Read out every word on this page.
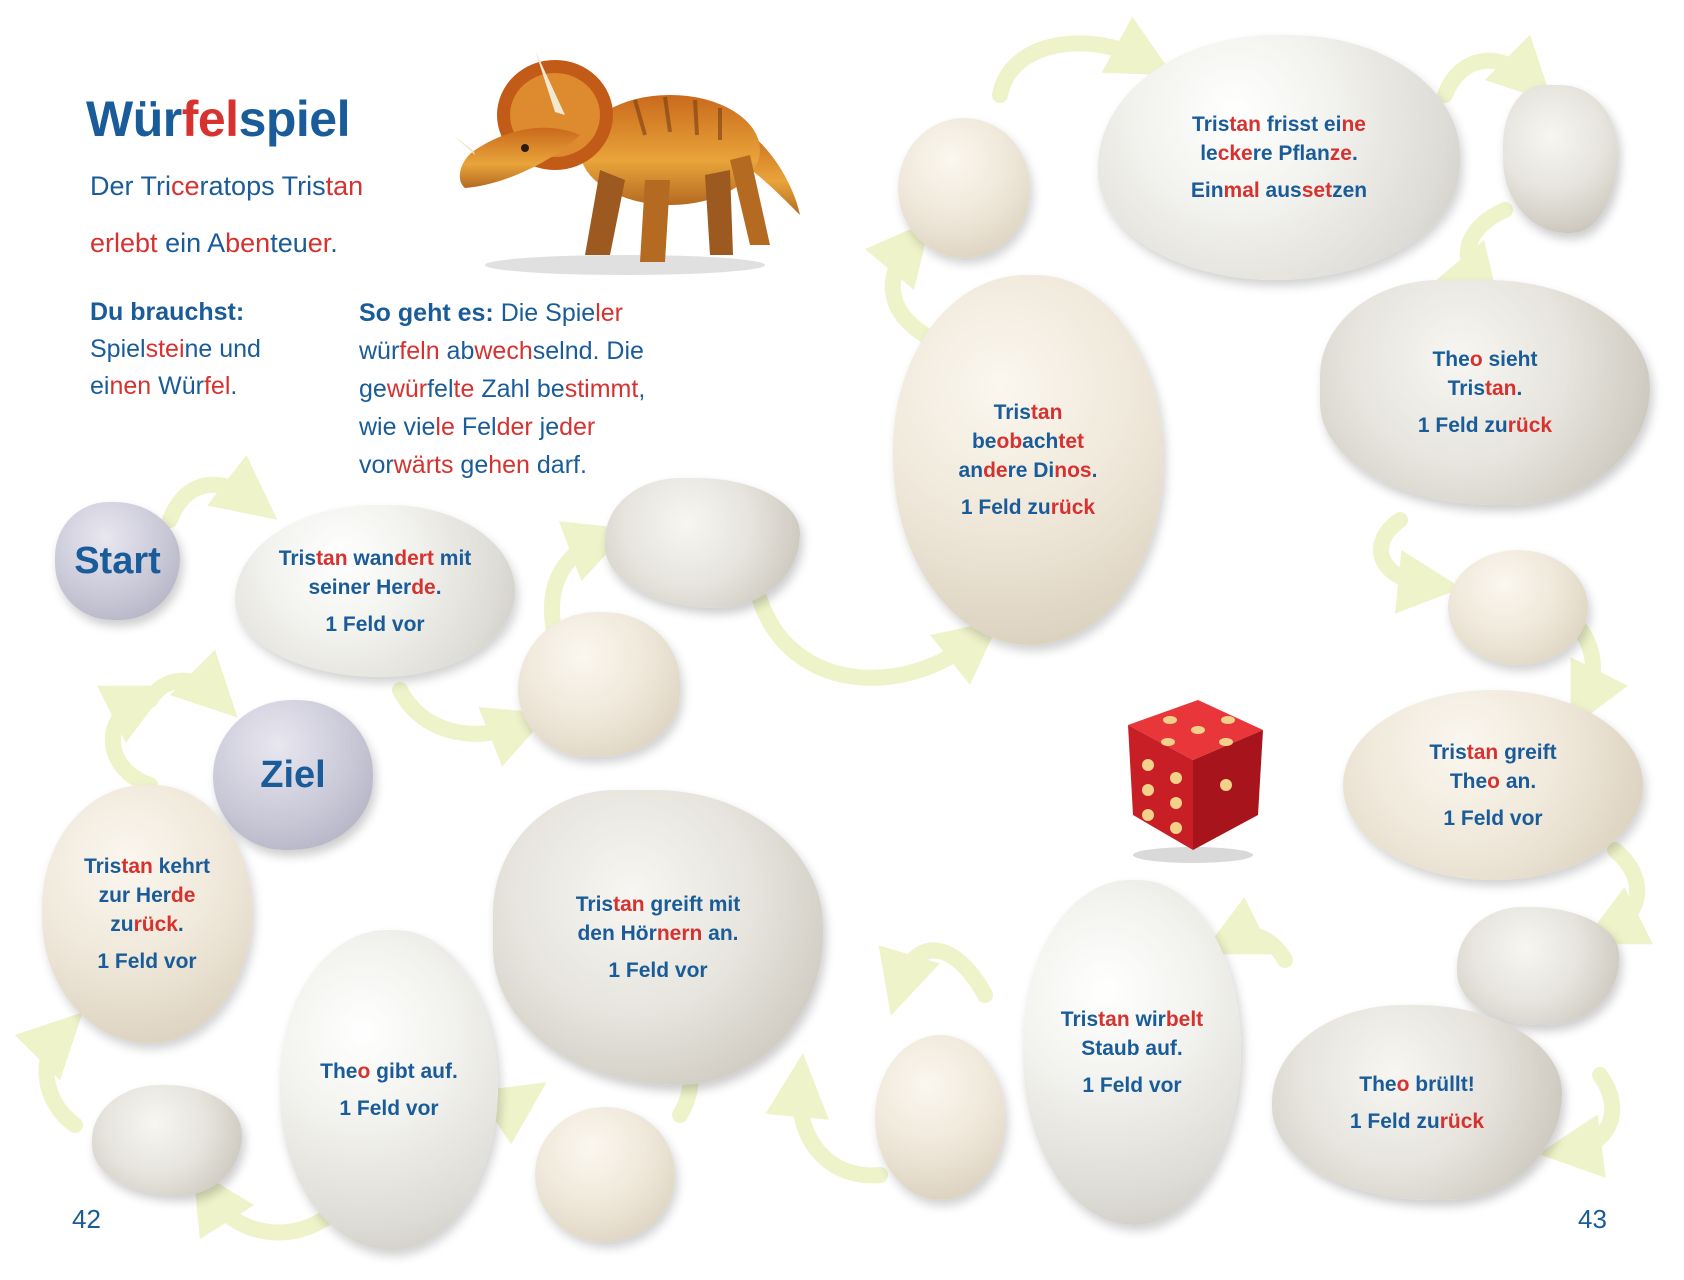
Würfelspiel
Der Triceratops Tristan
erlebt ein Abenteuer.
Du brauchst:
Spielsteine und
einen Würfel.
So geht es: Die Spieler
würfeln abwechselnd. Die
gewürfelte Zahl bestimmt,
wie viele Felder jeder
vorwärts gehen darf.
Start
Ziel
Tristan wandert mit
seiner Herde.
1 Feld vor
Tristan
beobachtet
andere Dinos.
1 Feld zurück
Tristan frisst eine
leckere Pflanze.
Einmal aussetzen
Theo sieht
Tristan.
1 Feld zurück
Tristan greift
Theo an.
1 Feld vor
Theo brüllt!
1 Feld zurück
Tristan wirbelt
Staub auf.
1 Feld vor
Tristan greift mit
den Hörnern an.
1 Feld vor
Theo gibt auf.
1 Feld vor
Tristan kehrt
zur Herde
zurück.
1 Feld vor
42	43
